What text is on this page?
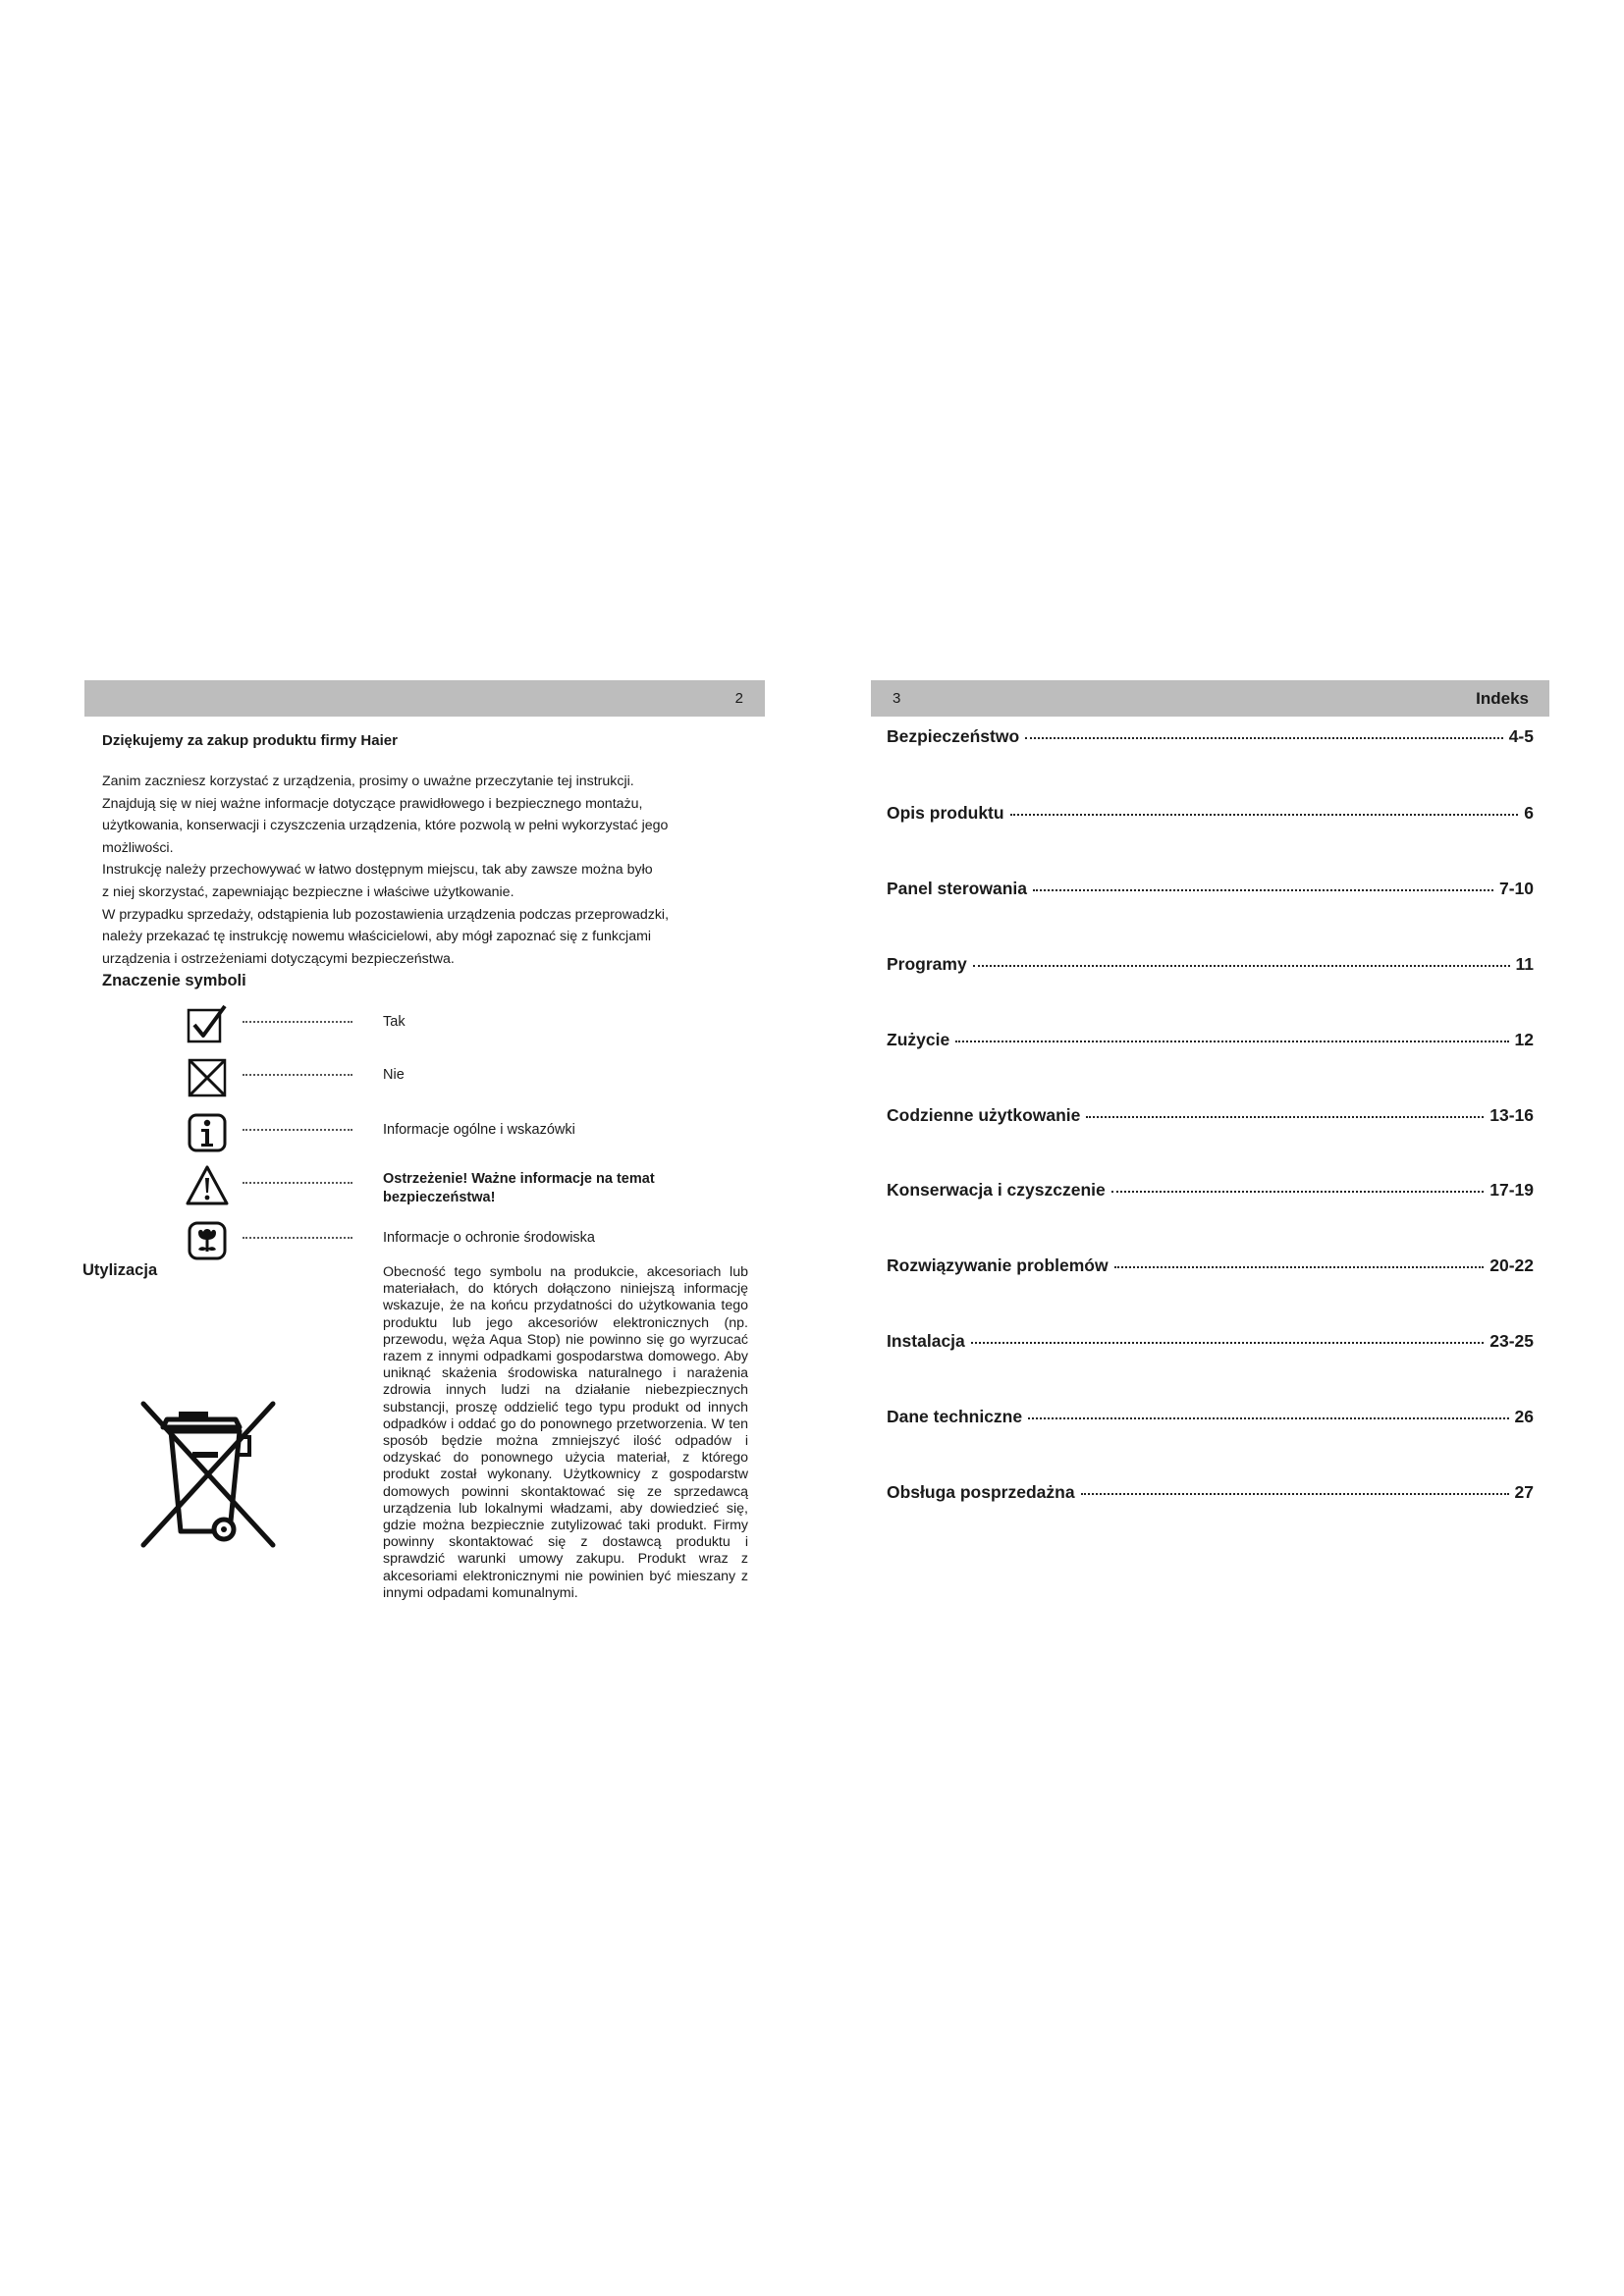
2
Dziękujemy za zakup produktu firmy Haier

Zanim zaczniesz korzystać z urządzenia, prosimy o uważne przeczytanie tej instrukcji.

Znajdują się w niej ważne informacje dotyczące prawidłowego i bezpiecznego montażu,

użytkowania, konserwacji i czyszczenia urządzenia, które pozwolą w pełni wykorzystać jego

możliwości.

Instrukcję należy przechowywać w łatwo dostępnym miejscu, tak aby zawsze można było

z niej skorzystać, zapewniając bezpieczne i właściwe użytkowanie.

W przypadku sprzedaży, odstąpienia lub pozostawienia urządzenia podczas przeprowadzki,

należy przekazać tę instrukcję nowemu właścicielowi, aby mógł zapoznać się z funkcjami

urządzenia i ostrzeżeniami dotyczącymi bezpieczeństwa.

Znaczenie symboli
Tak
Nie
Informacje ogólne i wskazówki
Ostrzeżenie! Ważne informacje na temat bezpieczeństwa!
Informacje o ochronie środowiska
Utylizacja	Obecność tego symbolu na produkcie, akcesoriach lub materiałach, do których dołączono niniejszą informację wskazuje, że na końcu przydatności do użytkowania tego produktu lub jego akcesoriów elektronicznych (np. przewodu, węża Aqua Stop) nie powinno się go wyrzucać razem z innymi odpadkami gospodarstwa domowego. Aby uniknąć skażenia środowiska naturalnego i narażenia zdrowia innych ludzi na działanie niebezpiecznych substancji, proszę oddzielić tego typu produkt od innych odpadków i oddać go do ponownego przetworzenia. W ten sposób będzie można zmniejszyć ilość odpadów i odzyskać do ponownego użycia materiał, z którego produkt został wykonany. Użytkownicy z gospodarstw domowych powinni skontaktować się ze sprzedawcą urządzenia lub lokalnymi władzami, aby dowiedzieć się, gdzie można bezpiecznie zutylizować taki produkt. Firmy powinny skontaktować się z dostawcą produktu i sprawdzić warunki umowy zakupu. Produkt wraz z akcesoriami elektronicznymi nie powinien być mieszany z innymi odpadami komunalnymi.
3	Indeks
Bezpieczeństwo	4-5
Opis produktu	6
Panel sterowania	7-10
Programy	11
Zużycie	12
Codzienne użytkowanie	13-16
Konserwacja i czyszczenie	17-19
Rozwiązywanie problemów	20-22
Instalacja	23-25
Dane techniczne	26
Obsługa posprzedażna	27
